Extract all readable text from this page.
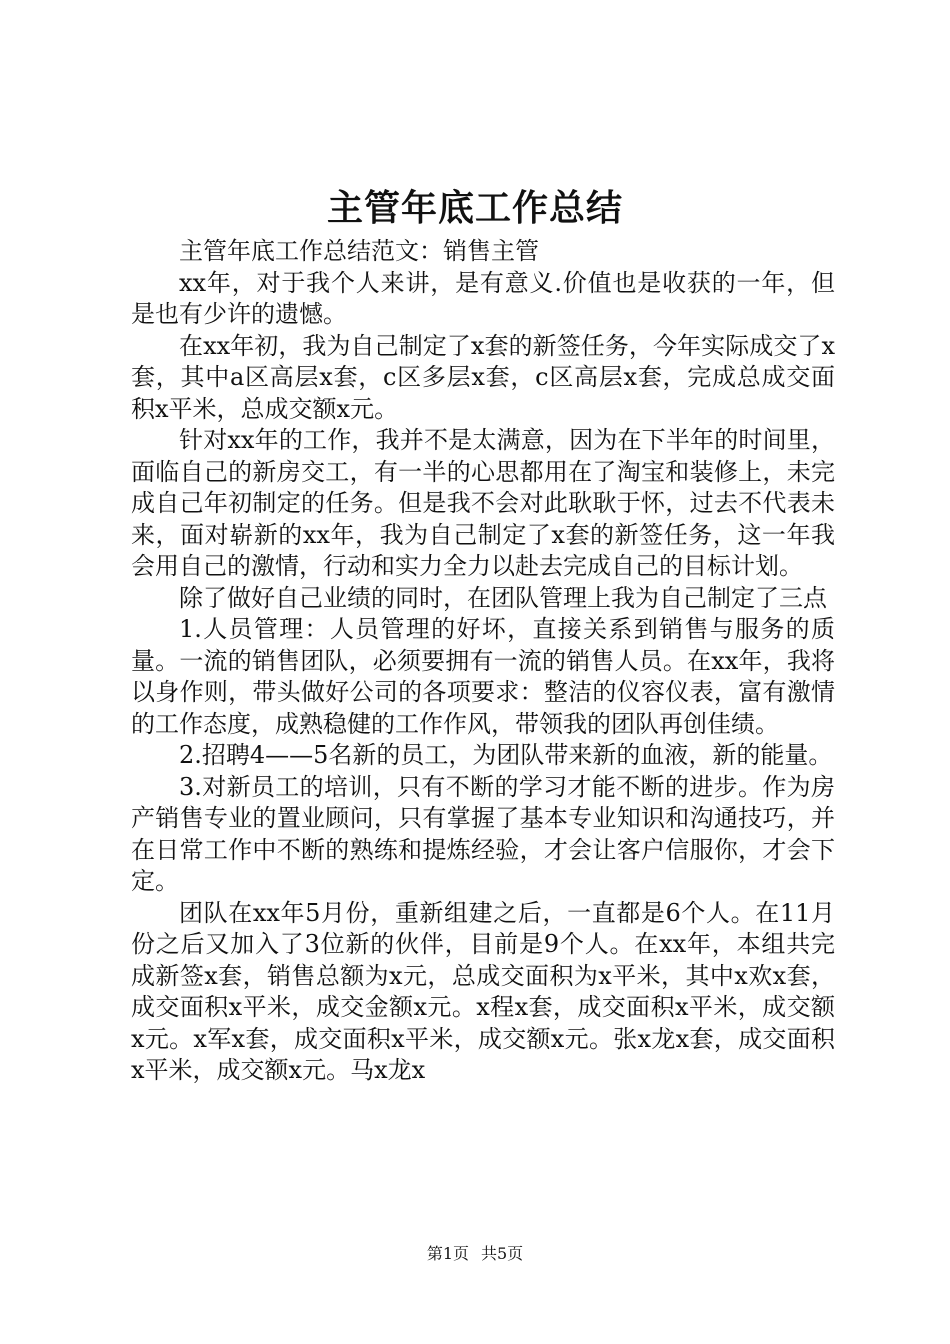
主管年底工作总结

主管年底工作总结范文：销售主管

xx年，对于我个人来讲，是有意义.价值也是收获的一年，但是也有少许的遗憾。

在xx年初，我为自己制定了x套的新签任务，今年实际成交了x套，其中a区高层x套，c区多层x套，c区高层x套，完成总成交面积x平米，总成交额x元。

针对xx年的工作，我并不是太满意，因为在下半年的时间里，面临自己的新房交工，有一半的心思都用在了淘宝和装修上，未完成自己年初制定的任务。但是我不会对此耿耿于怀，过去不代表未来，面对崭新的xx年，我为自己制定了x套的新签任务，这一年我会用自己的激情，行动和实力全力以赴去完成自己的目标计划。

除了做好自己业绩的同时，在团队管理上我为自己制定了三点

1.人员管理：人员管理的好坏，直接关系到销售与服务的质量。一流的销售团队，必须要拥有一流的销售人员。在xx年，我将以身作则，带头做好公司的各项要求：整洁的仪容仪表，富有激情的工作态度，成熟稳健的工作作风，带领我的团队再创佳绩。

2.招聘4——5名新的员工，为团队带来新的血液，新的能量。

3.对新员工的培训，只有不断的学习才能不断的进步。作为房产销售专业的置业顾问，只有掌握了基本专业知识和沟通技巧，并在日常工作中不断的熟练和提炼经验，才会让客户信服你，才会下定。

团队在xx年5月份，重新组建之后，一直都是6个人。在11月份之后又加入了3位新的伙伴，目前是9个人。在xx年，本组共完成新签x套，销售总额为x元，总成交面积为x平米，其中x欢x套，成交面积x平米，成交金额x元。x程x套，成交面积x平米，成交额x元。x军x套，成交面积x平米，成交额x元。张x龙x套，成交面积x平米，成交额x元。马x龙x

第1页 共5页
